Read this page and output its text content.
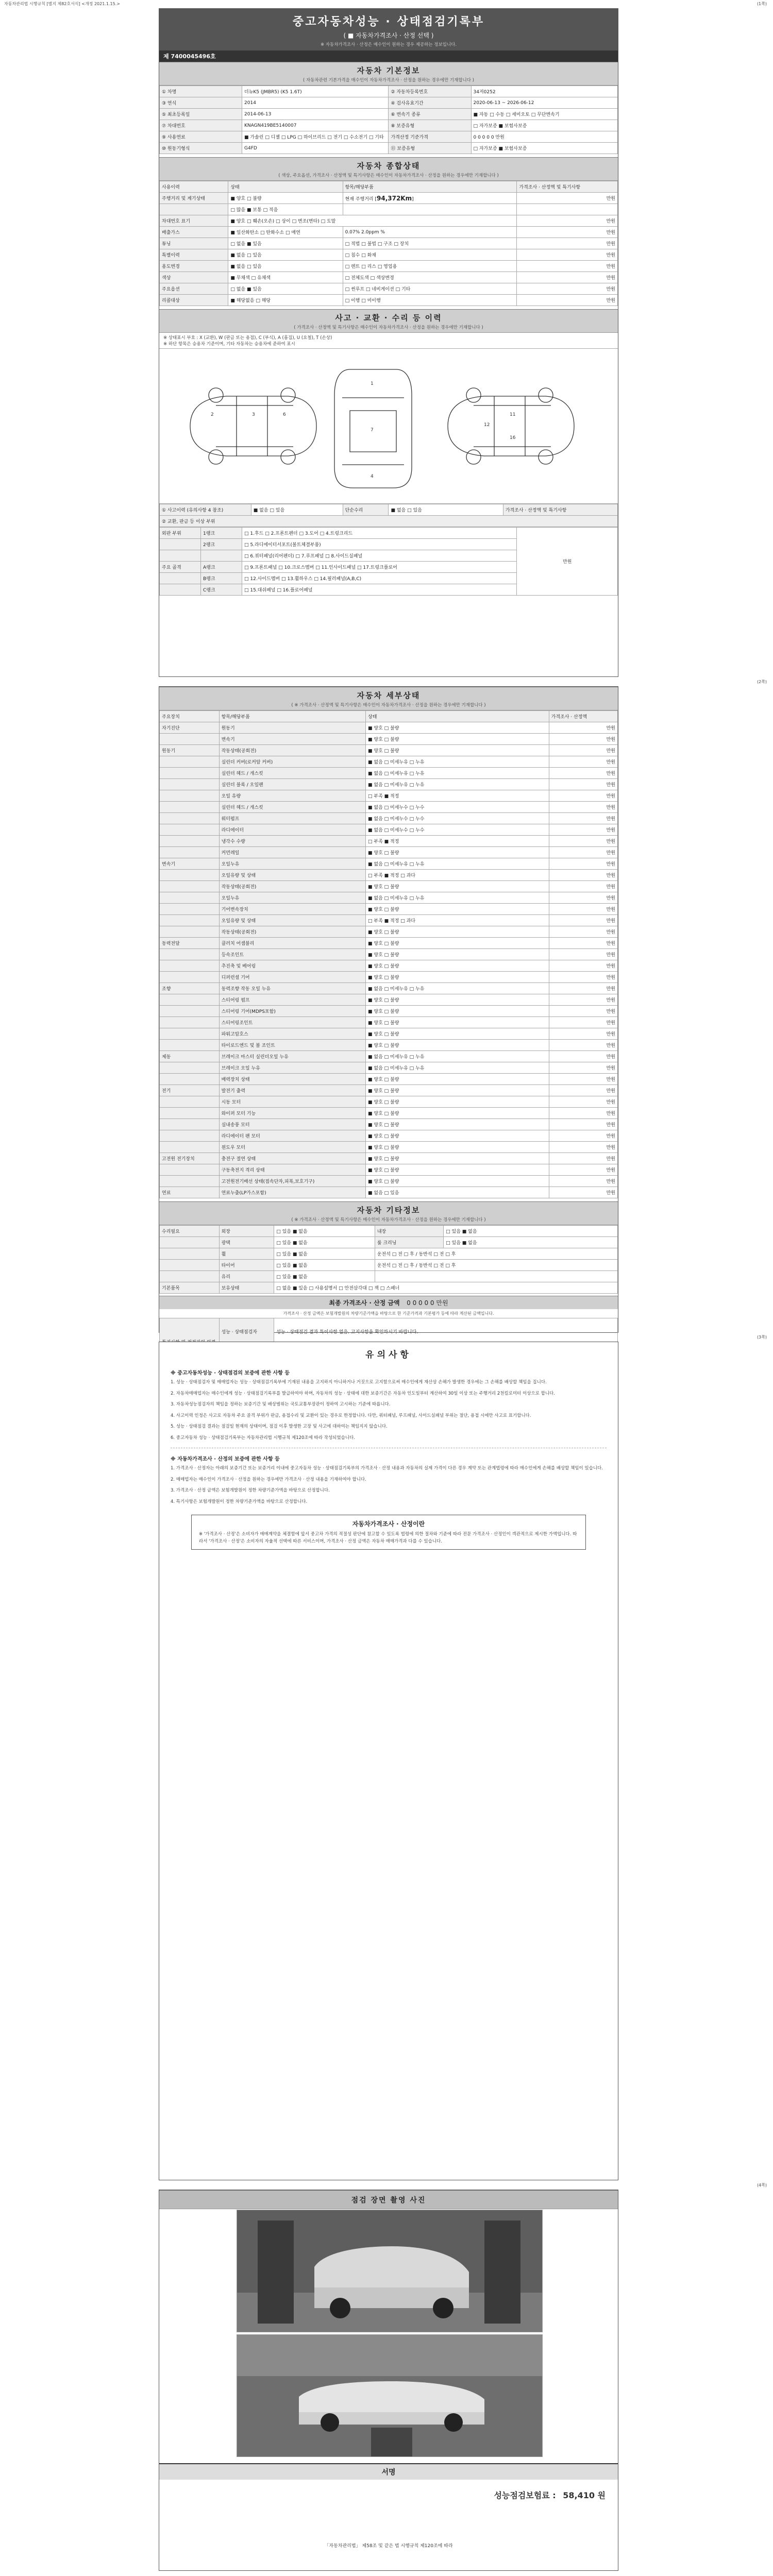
자동차관리법 시행규칙 [별지 제82호서식] <개정 2021.1.15.>	(1쪽)
(2쪽)
(3쪽)
(4쪽)
중고자동차성능 · 상태점검기록부
( ■ 자동차가격조사 · 산정 선택 )
※ 자동차가격조사 · 산정은 매수인이 원하는 경우 제공하는 정보입니다.
제 7400045496호
자동차 기본정보
( 자동차관련 기본가격을 매수인이 자동차가격조사 · 산정을 원하는 경우에만 기재합니다 )
① 차명	더뉴K5 (JMBR5) (K5 1.6T)	② 자동차등록번호	34저0252
③ 연식	2014	④ 검사유효기간	2020-06-13 ~ 2026-06-12
⑤ 최초등록일	2014-06-13	⑥ 변속기 종류	■ 자동 □ 수동 □ 세미오토 □ 무단변속기
⑦ 차대번호	KNAGN419BE5140007	⑧ 보증유형	□ 자가보증 ■ 보험사보증
⑨ 사용연료	■ 가솔린 □ 디젤 □ LPG □ 하이브리드 □ 전기 □ 수소전기 □ 기타	가격산정 기준가격	0 0 0 0 0 만원
⑩ 원동기형식	G4FD	⑪ 보증유형	□ 자가보증 ■ 보험사보증
자동차 종합상태
( 색상, 주요옵션, 가격조사 · 산정액 및 특기사항은 매수인이 자동차가격조사 · 산정을 원하는 경우에만 기재합니다 )
사용이력	상태	항목/해당부품	가격조사 · 산정액 및 특기사항
주행거리 및 계기상태	■ 양호 □ 불량	현재 주행거리 [94,372Km]	만원
	□ 많음 ■ 보통 □ 적음		
차대번호 표기	■ 양호 □ 훼손(오손) □ 상이 □ 변조(변타) □ 도말		만원
배출가스	■ 일산화탄소 □ 탄화수소 □ 매연	0.07% 2.0ppm %	만원
튜닝	□ 없음 ■ 있음	□ 적법 □ 불법 □ 구조 □ 장치	만원
특별이력	■ 없음 □ 있음	□ 침수 □ 화재	만원
용도변경	■ 없음 □ 있음	□ 렌트 □ 리스 □ 영업용	만원
색상	■ 무채색 □ 유채색	□ 전체도색 □ 색상변경	만원
주요옵션	□ 없음 ■ 있음	□ 썬루프 □ 네비게이션 □ 기타	만원
리콜대상	■ 해당없음 □ 해당	□ 이행 □ 미이행	만원
사고 · 교환 · 수리 등 이력
( 가격조사 · 산정액 및 특기사항은 매수인이 자동차가격조사 · 산정을 원하는 경우에만 기재합니다 )
※ 상태표시 부호 : X (교환), W (판금 또는 용접), C (부식), A (흠집), U (요철), T (손상)
※ 하단 항목은 승용차 기준이며, 기타 자동차는 승용차에 준하여 표시
2	3	6
1
7
4
11
16
12
① 사고이력 (유의사항 4 참조)	■ 없음 □ 있음	단순수리	■ 없음 □ 있음	가격조사 · 산정액 및 특기사항
② 교환, 판금 등 이상 부위
외판 부위	1랭크	□ 1.후드 □ 2.프론트펜더 □ 3.도어 □ 4.트렁크리드	만원
	2랭크	□ 5.라디에이터서포트(볼트체결부품)	
		□ 6.쿼터패널(리어펜더) □ 7.루프패널 □ 8.사이드실패널	
주요 골격	A랭크	□ 9.프론트패널 □ 10.크로스멤버 □ 11.인사이드패널 □ 17.트렁크플로어	
	B랭크	□ 12.사이드멤버 □ 13.휠하우스 □ 14.필러패널(A,B,C)	
	C랭크	□ 15.대쉬패널 □ 16.플로어패널	
자동차 세부상태
( ※ 가격조사 · 산정액 및 특기사항은 매수인이 자동차가격조사 · 산정을 원하는 경우에만 기재합니다 )
주요장치	항목/해당부품	상태	가격조사 · 산정액
자기진단	원동기	■ 양호 □ 불량	만원
	변속기	■ 양호 □ 불량	만원
원동기	작동상태(공회전)	■ 양호 □ 불량	만원
	실린더 커버(로커암 커버)	■ 없음 □ 미세누유 □ 누유	만원
	실린더 헤드 / 개스킷	■ 없음 □ 미세누유 □ 누유	만원
	실린더 블록 / 오일팬	■ 없음 □ 미세누유 □ 누유	만원
	오일 유량	□ 부족 ■ 적정	만원
	실린더 헤드 / 개스킷	■ 없음 □ 미세누수 □ 누수	만원
	워터펌프	■ 없음 □ 미세누수 □ 누수	만원
	라디에이터	■ 없음 □ 미세누수 □ 누수	만원
	냉각수 수량	□ 부족 ■ 적정	만원
	커먼레일	■ 양호 □ 불량	만원
변속기	오일누유	■ 없음 □ 미세누유 □ 누유	만원
	오일유량 및 상태	□ 부족 ■ 적정 □ 과다	만원
	작동상태(공회전)	■ 양호 □ 불량	만원
	오일누유	■ 없음 □ 미세누유 □ 누유	만원
	기어변속장치	■ 양호 □ 불량	만원
	오일유량 및 상태	□ 부족 ■ 적정 □ 과다	만원
	작동상태(공회전)	■ 양호 □ 불량	만원
동력전달	클러치 어셈블리	■ 양호 □ 불량	만원
	등속조인트	■ 양호 □ 불량	만원
	추진축 및 베어링	■ 양호 □ 불량	만원
	디퍼런셜 기어	■ 양호 □ 불량	만원
조향	동력조향 작동 오일 누유	■ 없음 □ 미세누유 □ 누유	만원
	스티어링 펌프	■ 양호 □ 불량	만원
	스티어링 기어(MDPS포함)	■ 양호 □ 불량	만원
	스티어링조인트	■ 양호 □ 불량	만원
	파워고압호스	■ 양호 □ 불량	만원
	타이로드엔드 및 볼 조인트	■ 양호 □ 불량	만원
제동	브레이크 마스터 실린더오일 누유	■ 없음 □ 미세누유 □ 누유	만원
	브레이크 오일 누유	■ 없음 □ 미세누유 □ 누유	만원
	배력장치 상태	■ 양호 □ 불량	만원
전기	발전기 출력	■ 양호 □ 불량	만원
	시동 모터	■ 양호 □ 불량	만원
	와이퍼 모터 기능	■ 양호 □ 불량	만원
	실내송풍 모터	■ 양호 □ 불량	만원
	라디에이터 팬 모터	■ 양호 □ 불량	만원
	윈도우 모터	■ 양호 □ 불량	만원
고전원 전기장치	충전구 절연 상태	■ 양호 □ 불량	만원
	구동축전지 격리 상태	■ 양호 □ 불량	만원
	고전원전기배선 상태(접속단자,피복,보호기구)	■ 양호 □ 불량	만원
연료	연료누출(LP가스포함)	■ 없음 □ 있음	만원
자동차 기타정보
( ※ 가격조사 · 산정액 및 특기사항은 매수인이 자동차가격조사 · 산정을 원하는 경우에만 기재합니다 )
수리필요	외장	□ 있음 ■ 없음	내장	□ 있음 ■ 없음
	광택	□ 있음 ■ 없음	룸 크리닝	□ 있음 ■ 없음
	휠	□ 있음 ■ 없음	운전석 □ 전 □ 후 / 동반석 □ 전 □ 후	
	타이어	□ 있음 ■ 없음	운전석 □ 전 □ 후 / 동반석 □ 전 □ 후	
	유리	□ 있음 ■ 없음		
기본품목	보유상태	□ 없음 ■ 있음 □ 사용설명서 □ 안전삼각대 □ 잭 □ 스패너		
최종 가격조사 · 산정 금액 0 0 0 0 0 만원
가격조사 · 산정 금액은 보험개발원의 차량기준가액을 바탕으로 한 기준가격과 기본평가 등에 따라 계산된 금액입니다.
	성능 · 상태점검자	성능 · 상태점검 결과 특이사항 없음. 고지사항을 확인하시기 바랍니다.

유의사항
※ 중고자동차성능 · 상태점검의 보증에 관한 사항 등
1. 성능 · 상태점검자 및 매매업자는 성능 · 상태점검기록부에 기재된 내용을 고지하지 아니하거나 거짓으로 고지함으로써 매수인에게 재산상 손해가 발생한 경우에는 그 손해를 배상할 책임을 집니다.
2. 자동차매매업자는 매수인에게 성능 · 상태점검기록부를 발급하여야 하며, 자동차의 성능 · 상태에 대한 보증기간은 자동차 인도일부터 계산하여 30일 이상 또는 주행거리 2천킬로미터 이상으로 합니다.
3. 자동차성능점검자의 책임을 정하는 보증기간 및 배상범위는 국토교통부장관이 정하여 고시하는 기준에 따릅니다.
4. 사고이력 인정은 사고로 자동차 주요 골격 부위가 판금, 용접수리 및 교환이 있는 경우로 한정합니다. 다만, 쿼터패널, 루프패널, 사이드실패널 부위는 절단, 용접 시에만 사고로 표기합니다.
5. 성능 · 상태점검 결과는 점검일 현재의 상태이며, 점검 이후 발생한 고장 및 사고에 대하여는 책임지지 않습니다.
6. 중고자동차 성능 · 상태점검기록부는 자동차관리법 시행규칙 제120조에 따라 작성되었습니다.
※ 자동차가격조사 · 산정의 보증에 관한 사항 등
1. 가격조사 · 산정자는 아래의 보증기간 또는 보증거리 이내에 중고자동차 성능 · 상태점검기록부의 가격조사 · 산정 내용과 자동차의 실제 가격이 다른 경우 계약 또는 관계법령에 따라 매수인에게 손해를 배상할 책임이 있습니다.
2. 매매업자는 매수인이 가격조사 · 산정을 원하는 경우에만 가격조사 · 산정 내용을 기재하여야 합니다.
3. 가격조사 · 산정 금액은 보험개발원이 정한 차량기준가액을 바탕으로 산정합니다.
4. 특기사항은 보험개발원이 정한 차량기준가액을 바탕으로 산정합니다.
자동차가격조사 · 산정이란
※ '가격조사 · 산정'은 소비자가 매매계약을 체결함에 앞서 중고차 가격의 적절성 판단에 참고할 수 있도록 법령에 의한 절차와 기준에 따라 전문 가격조사 · 산정인이 객관적으로 제시한 가액입니다. 따라서 '가격조사 · 산정'은 소비자의 자율적 선택에 따른 서비스이며, 가격조사 · 산정 금액은 자동차 매매가격과 다를 수 있습니다.
점검 장면 촬영 사진
서명
성능점검보험료 : 58,410 원
「자동차관리법」 제58조 및 같은 법 시행규칙 제120조에 따라
